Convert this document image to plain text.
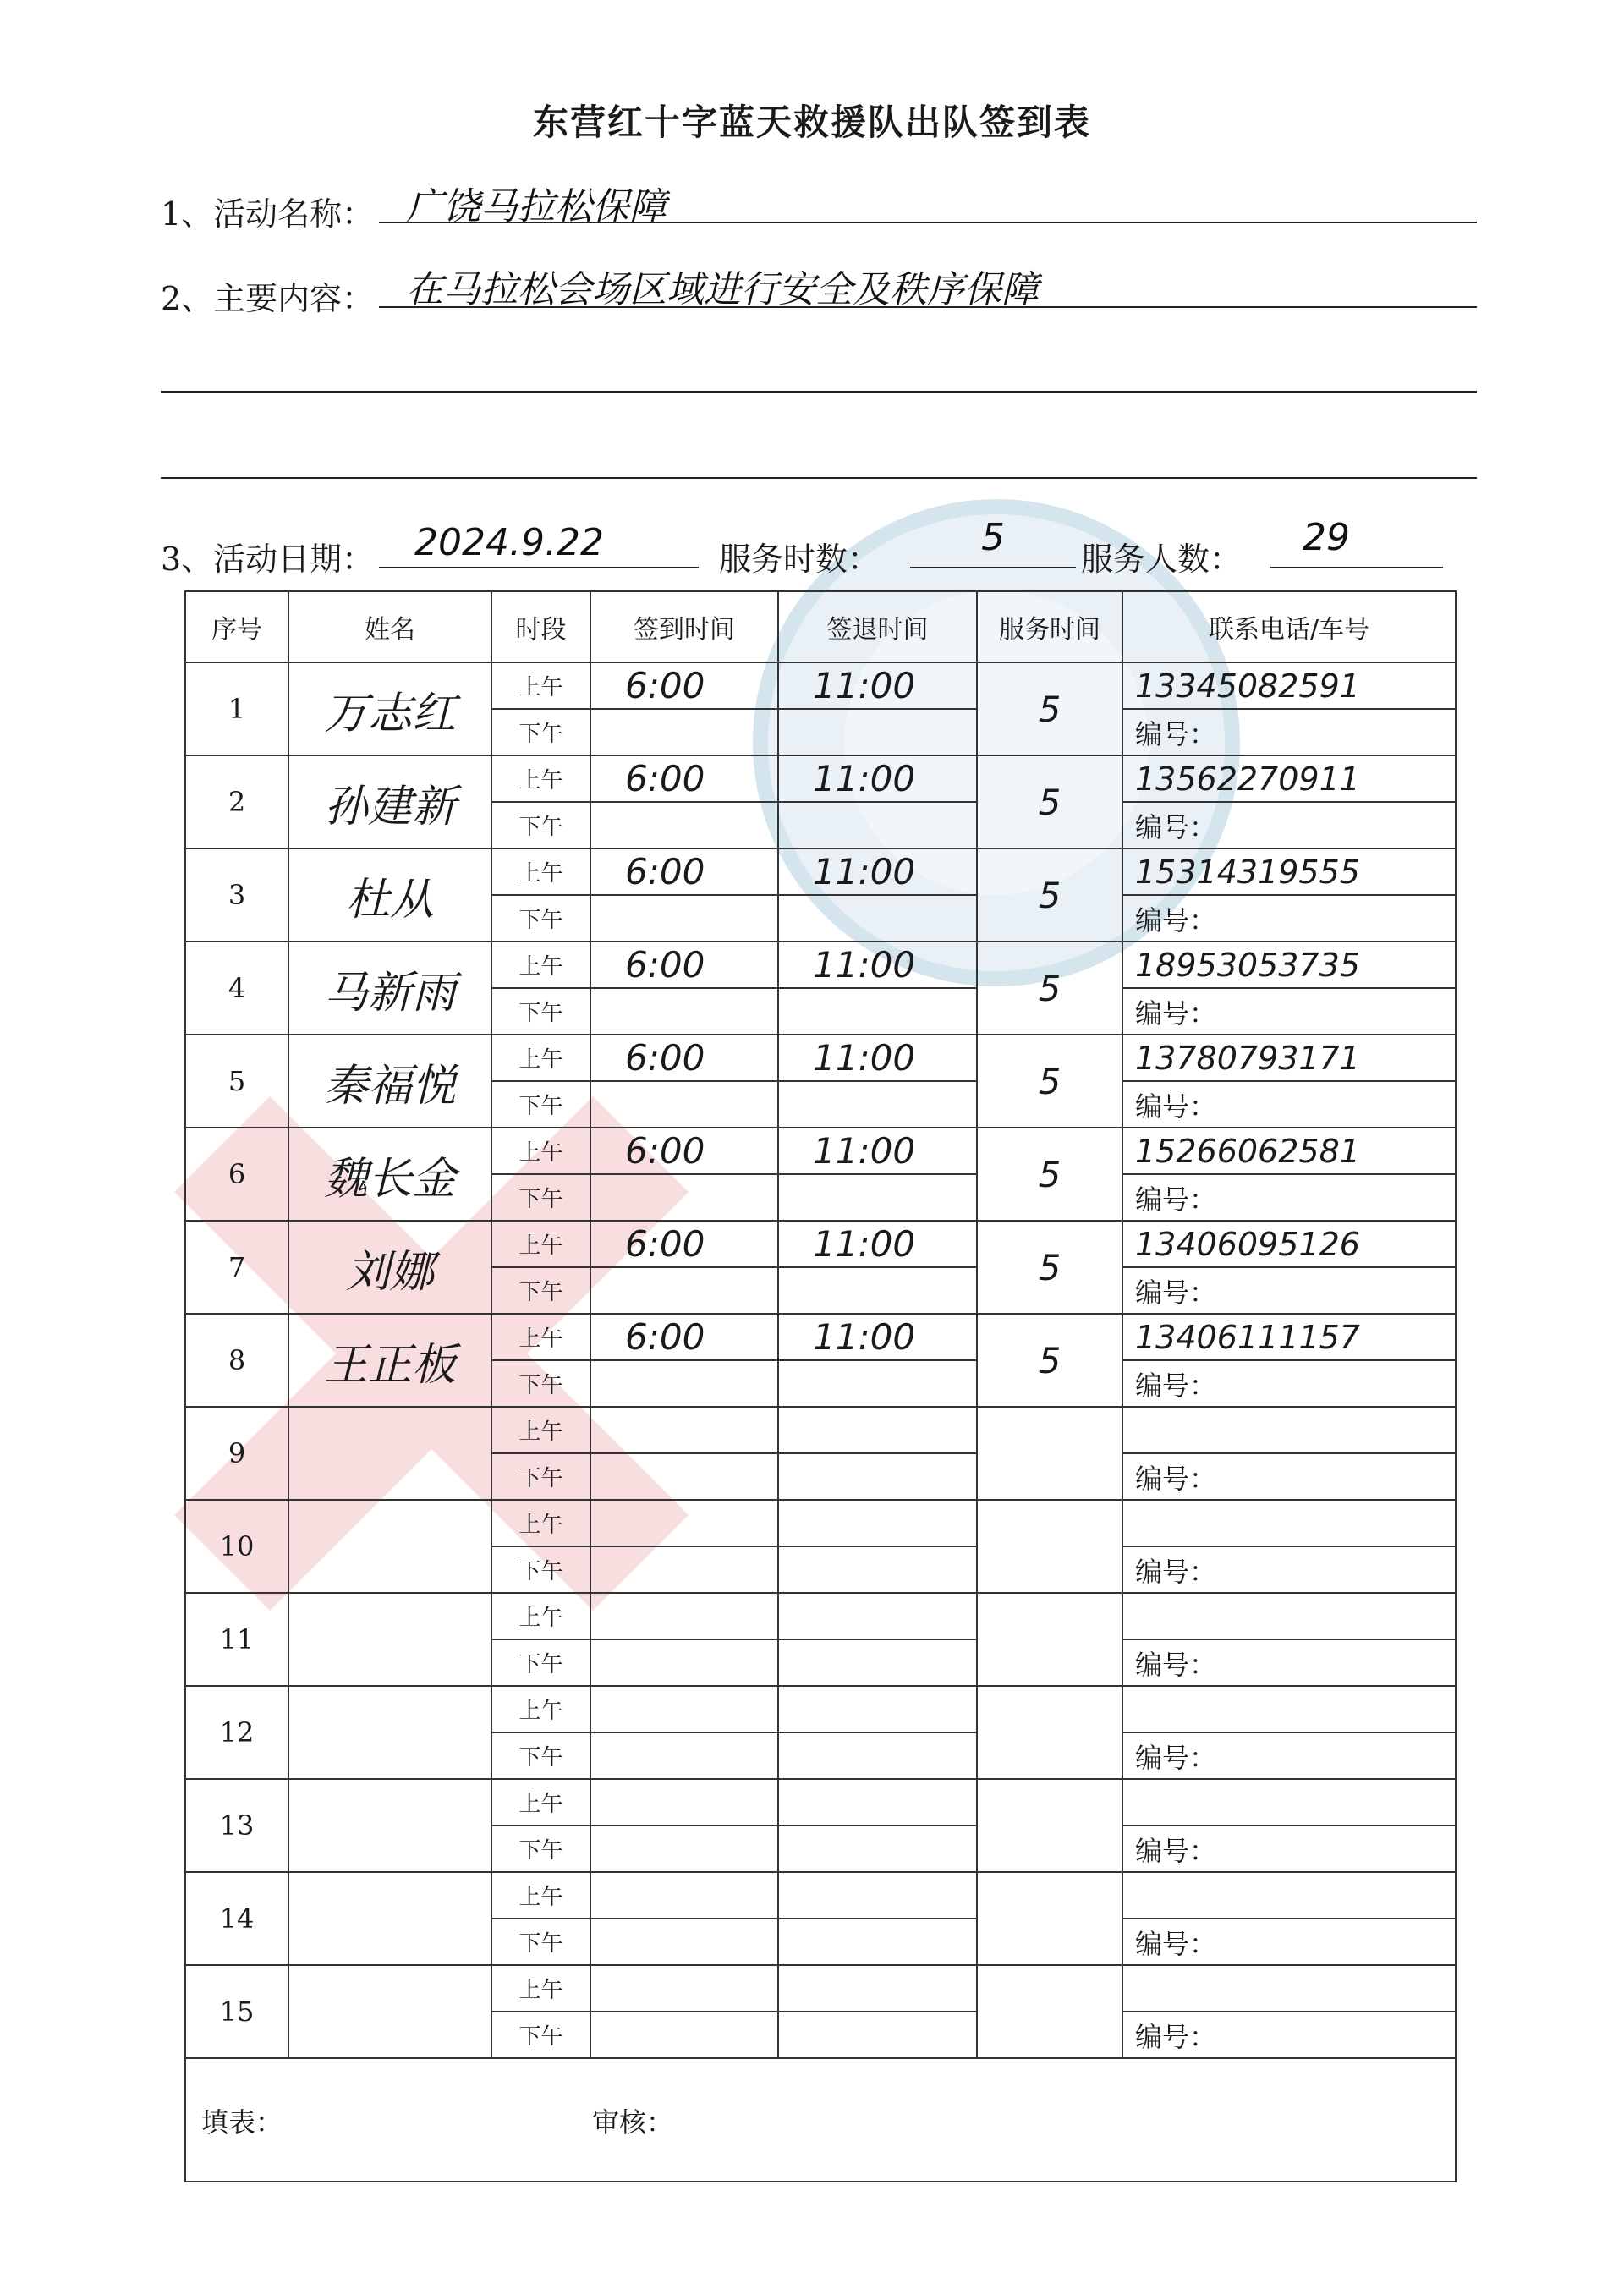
东营红十字蓝天救援队出队签到表
1、活动名称： 广饶马拉松保障
2、主要内容： 在马拉松会场区域进行安全及秩序保障
3、活动日期： 2024.9.22	服务时数：	5 服务人数： 29
序号	姓名	时段	签到时间	签退时间	服务时间	联系电话/车号
1	万志红	上午	6:00	11:00	5	13345082591
		下午				编号：
2	孙建新	上午	6:00	11:00	5	13562270911
		下午				编号：
3	杜从	上午	6:00	11:00	5	15314319555
		下午				编号：
4	马新雨	上午	6:00	11:00	5	18953053735
		下午				编号：
5	秦福悦	上午	6:00	11:00	5	13780793171
		下午				编号：
6	魏长金	上午	6:00	11:00	5	15266062581
		下午				编号：
7	刘娜	上午	6:00	11:00	5	13406095126
		下午				编号：
8	王正板	上午	6:00	11:00	5	13406111157
		下午				编号：
9		上午				
		下午				编号：
10		上午				
		下午				编号：
11		上午				
		下午				编号：
12		上午				
		下午				编号：
13		上午				
		下午				编号：
14		上午				
		下午				编号：
15		上午				
		下午				编号：

填表： 审核：						
